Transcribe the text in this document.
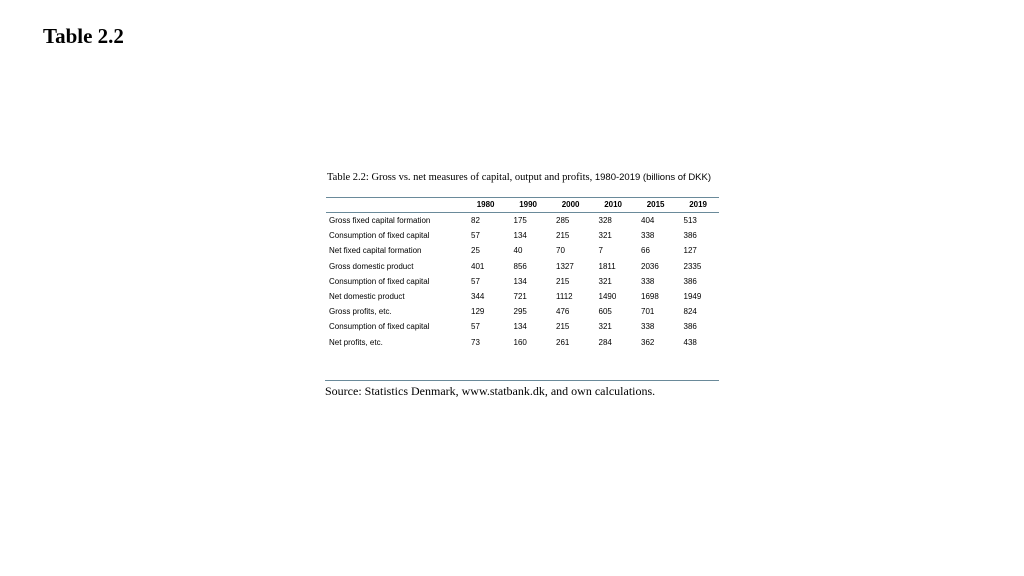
Table 2.2
Table 2.2: Gross vs. net measures of capital, output and profits, 1980-2019 (billions of DKK)
	1980	1990	2000	2010	2015	2019
Gross fixed capital formation	82	175	285	328	404	513
Consumption of fixed capital	57	134	215	321	338	386
Net fixed capital formation	25	40	70	7	66	127
Gross domestic product	401	856	1327	1811	2036	2335
Consumption of fixed capital	57	134	215	321	338	386
Net domestic product	344	721	1112	1490	1698	1949
Gross profits, etc.	129	295	476	605	701	824
Consumption of fixed capital	57	134	215	321	338	386
Net profits, etc.	73	160	261	284	362	438
Source: Statistics Denmark, www.statbank.dk, and own calculations.
